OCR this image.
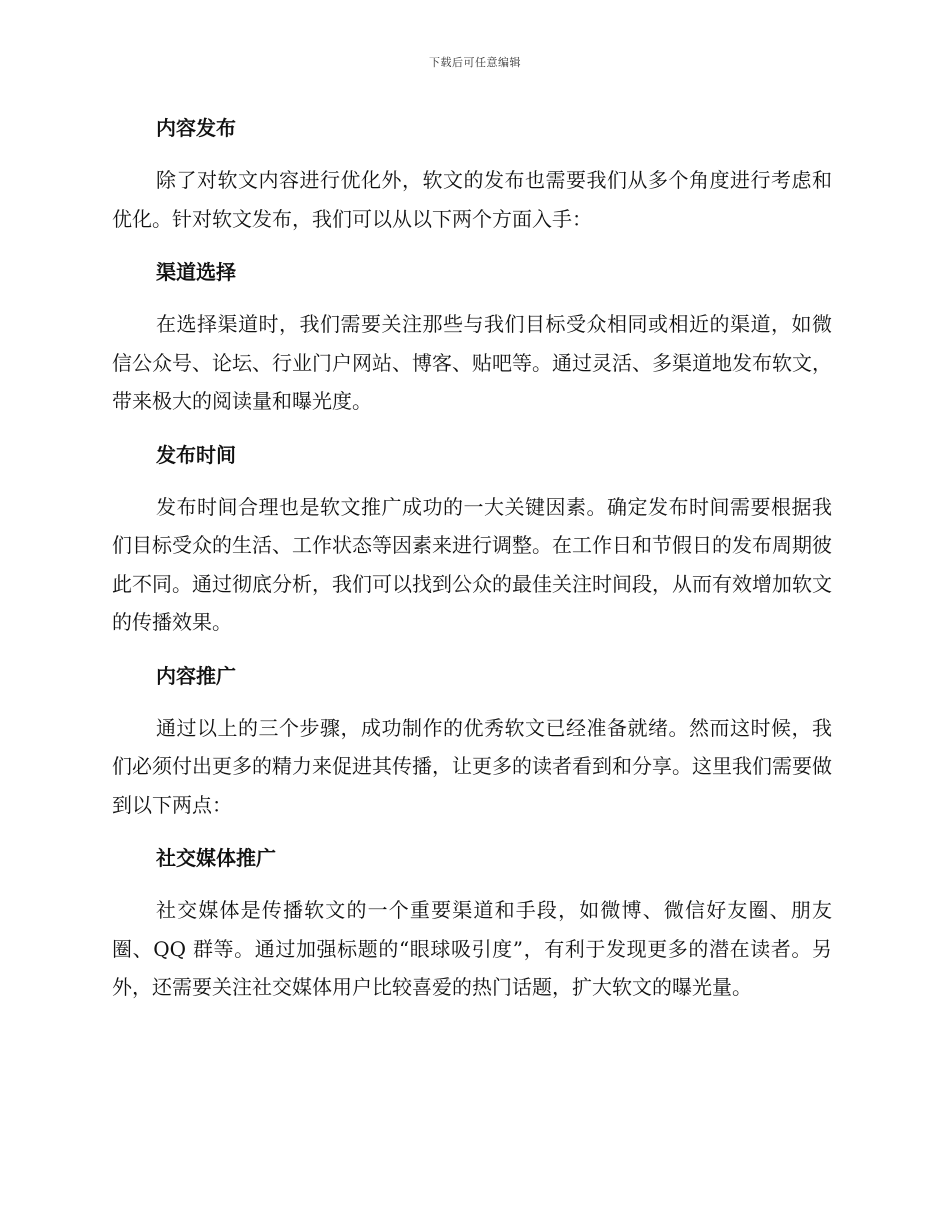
下载后可任意编辑
内容发布

除了对软文内容进行优化外，软文的发布也需要我们从多个角度进行考虑和优化。针对软文发布，我们可以从以下两个方面入手：

渠道选择

在选择渠道时，我们需要关注那些与我们目标受众相同或相近的渠道，如微信公众号、论坛、行业门户网站、博客、贴吧等。通过灵活、多渠道地发布软文，带来极大的阅读量和曝光度。

发布时间

发布时间合理也是软文推广成功的一大关键因素。确定发布时间需要根据我们目标受众的生活、工作状态等因素来进行调整。在工作日和节假日的发布周期彼此不同。通过彻底分析，我们可以找到公众的最佳关注时间段，从而有效增加软文的传播效果。

内容推广

通过以上的三个步骤，成功制作的优秀软文已经准备就绪。然而这时候，我们必须付出更多的精力来促进其传播，让更多的读者看到和分享。这里我们需要做到以下两点：

社交媒体推广

社交媒体是传播软文的一个重要渠道和手段，如微博、微信好友圈、朋友圈、QQ 群等。通过加强标题的“眼球吸引度”，有利于发现更多的潜在读者。另外，还需要关注社交媒体用户比较喜爱的热门话题，扩大软文的曝光量。
